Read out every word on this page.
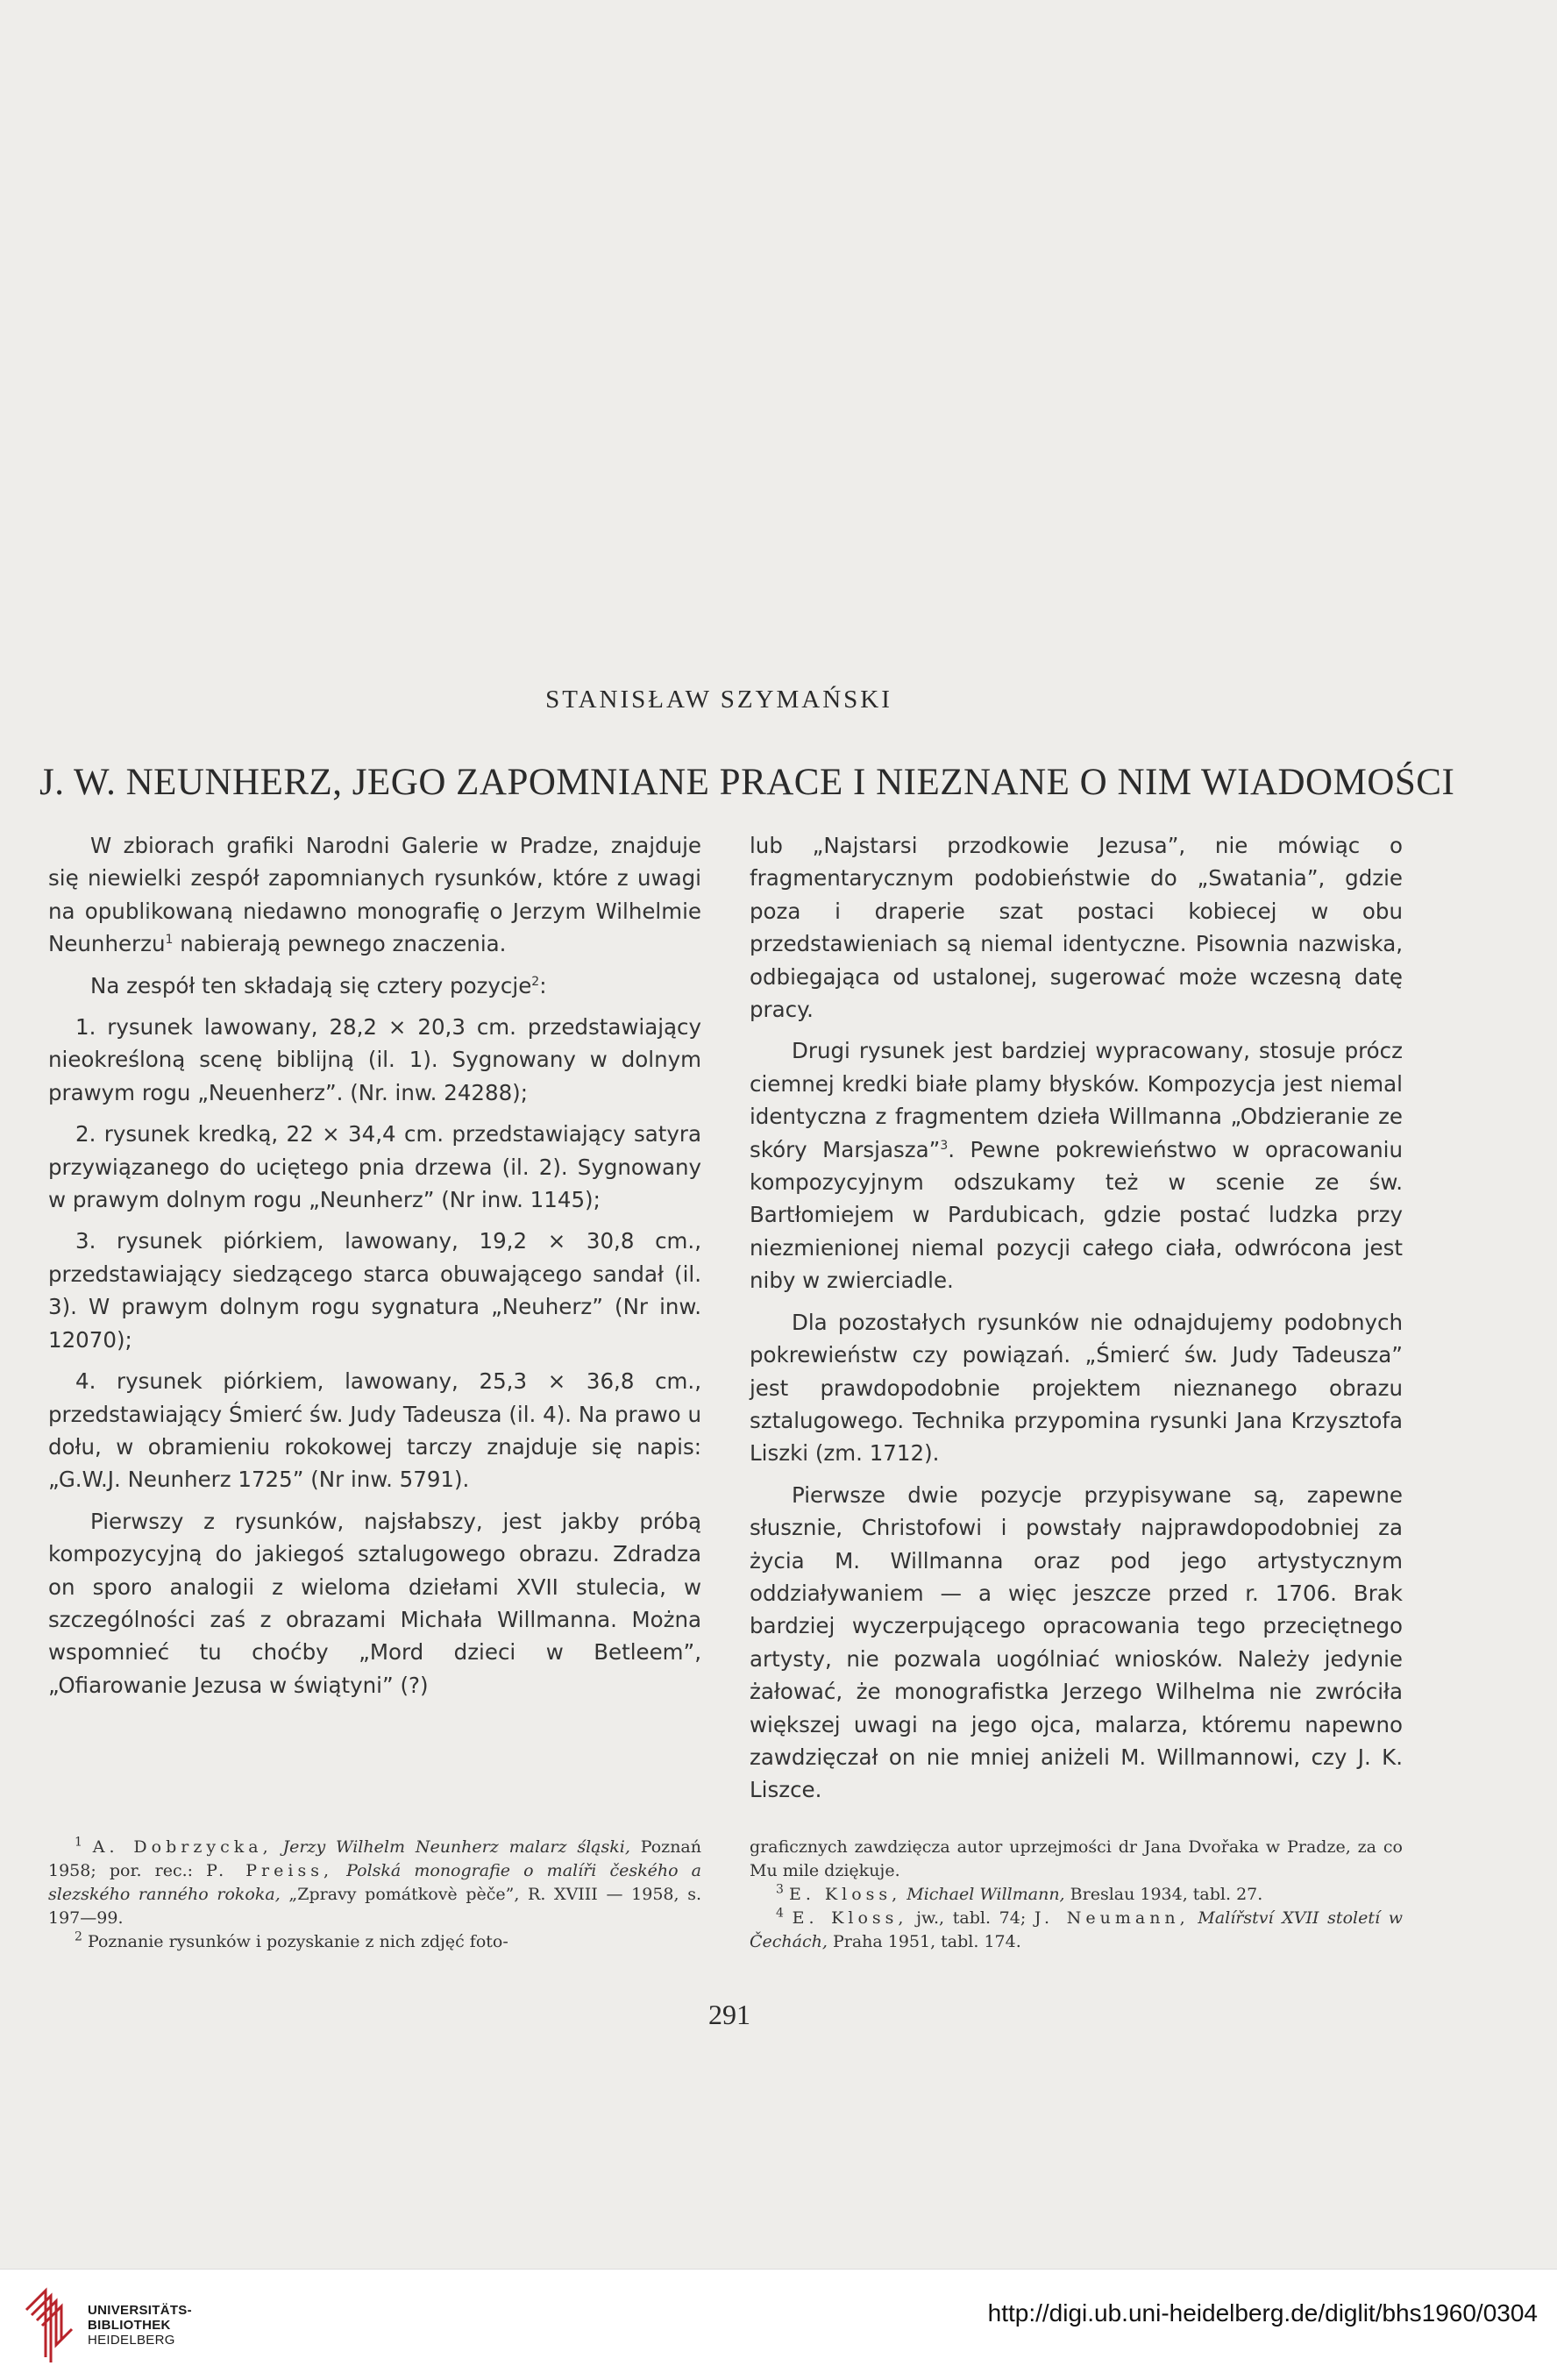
STANISŁAW SZYMAŃSKI
J. W. NEUNHERZ, JEGO ZAPOMNIANE PRACE I NIEZNANE O NIM WIADOMOŚCI

W zbiorach grafiki Narodni Galerie w Pradze, znajduje się niewielki zespół zapomnianych rysunków, które z uwagi na opublikowaną niedawno monografię o Jerzym Wilhelmie Neunherzu$^1$ nabierają pewnego znaczenia.

Na zespół ten składają się cztery pozycje$^2$:

1. rysunek lawowany, 28,2 × 20,3 cm. przedstawiający nieokreśloną scenę biblijną (il. 1). Sygnowany w dolnym prawym rogu „Neuenherz”. (Nr. inw. 24288);

2. rysunek kredką, 22 × 34,4 cm. przedstawiający satyra przywiązanego do uciętego pnia drzewa (il. 2). Sygnowany w prawym dolnym rogu „Neunherz” (Nr inw. 1145);

3. rysunek piórkiem, lawowany, 19,2 × 30,8 cm., przedstawiający siedzącego starca obuwającego sandał (il. 3). W prawym dolnym rogu sygnatura „Neuherz” (Nr inw. 12070);

4. rysunek piórkiem, lawowany, 25,3 × 36,8 cm., przedstawiający Śmierć św. Judy Tadeusza (il. 4). Na prawo u dołu, w obramieniu rokokowej tarczy znajduje się napis: „G.W.J. Neunherz 1725” (Nr inw. 5791).

Pierwszy z rysunków, najsłabszy, jest jakby próbą kompozycyjną do jakiegoś sztalugowego obrazu. Zdradza on sporo analogii z wieloma dziełami XVII stulecia, w szczególności zaś z obrazami Michała Willmanna. Można wspomnieć tu choćby „Mord dzieci w Betleem”, „Ofiarowanie Jezusa w świątyni” (?)

lub „Najstarsi przodkowie Jezusa”, nie mówiąc o fragmentarycznym podobieństwie do „Swatania”, gdzie poza i draperie szat postaci kobiecej w obu przedstawieniach są niemal identyczne. Pisownia nazwiska, odbiegająca od ustalonej, sugerować może wczesną datę pracy.

Drugi rysunek jest bardziej wypracowany, stosuje prócz ciemnej kredki białe plamy błysków. Kompozycja jest niemal identyczna z fragmentem dzieła Willmanna „Obdzieranie ze skóry Marsjasza”$^3$. Pewne pokrewieństwo w opracowaniu kompozycyjnym odszukamy też w scenie ze św. Bartłomiejem w Pardubicach, gdzie postać ludzka przy niezmienionej niemal pozycji całego ciała, odwrócona jest niby w zwierciadle.

Dla pozostałych rysunków nie odnajdujemy podobnych pokrewieństw czy powiązań. „Śmierć św. Judy Tadeusza” jest prawdopodobnie projektem nieznanego obrazu sztalugowego. Technika przypomina rysunki Jana Krzysztofa Liszki (zm. 1712).

Pierwsze dwie pozycje przypisywane są, zapewne słusznie, Christofowi i powstały najprawdopodobniej za życia M. Willmanna oraz pod jego artystycznym oddziaływaniem — a więc jeszcze przed r. 1706. Brak bardziej wyczerpującego opracowania tego przeciętnego artysty, nie pozwala uogólniać wniosków. Należy jedynie żałować, że monografistka Jerzego Wilhelma nie zwróciła większej uwagi na jego ojca, malarza, któremu napewno zawdzięczał on nie mniej aniżeli M. Willmannowi, czy J. K. Liszce.

$^1$ A. Dobrzycka, Jerzy Wilhelm Neunherz malarz śląski, Poznań 1958; por. rec.: P. Preiss, Polská monografie o malíři českého a slezského ranného rokoka, „Zpravy pomátkovè pèče”, R. XVIII — 1958, s. 197—99.

$^2$ Poznanie rysunków i pozyskanie z nich zdjęć foto-

graficznych zawdzięcza autor uprzejmości dr Jana Dvořaka w Pradze, za co Mu mile dziękuje.

$^3$ E. Kloss, Michael Willmann, Breslau 1934, tabl. 27.

$^4$ E. Kloss, jw., tabl. 74; J. Neumann, Malířství XVII století w Čechách, Praha 1951, tabl. 174.

291
UNIVERSITÄTS-
BIBLIOTHEK
HEIDELBERG
http://digi.ub.uni-heidelberg.de/diglit/bhs1960/0304
